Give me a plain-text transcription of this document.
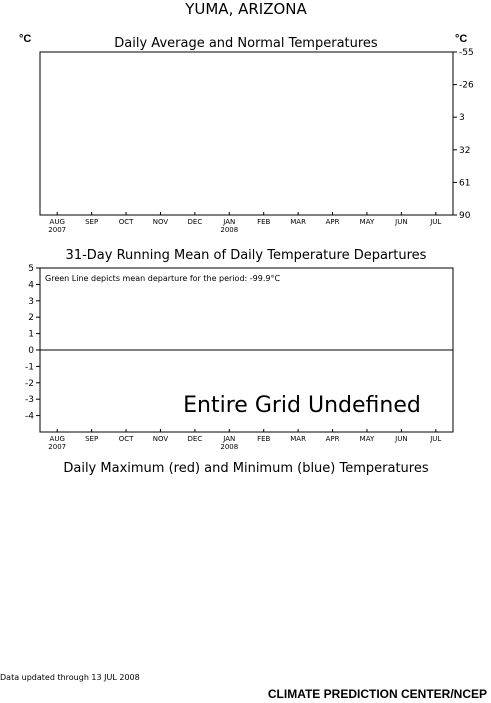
YUMA, ARIZONA
Daily Average and Normal Temperatures
°C	°C
-55
-26
3
32
61
90
AUG
2007
SEP	OCT	NOV	DEC	JAN
2008
FEB	MAR	APR	MAY	JUN	JUL
31-Day Running Mean of Daily Temperature Departures
Green Line depicts mean departure for the period: -99.9°C
Entire Grid Undefined
5
4
3
2
1
0
-1
-2
-3
-4
AUG
2007
SEP	OCT	NOV	DEC	JAN
2008
FEB	MAR	APR	MAY	JUN	JUL
Daily Maximum (red) and Minimum (blue) Temperatures
Data updated through 13 JUL 2008
CLIMATE PREDICTION CENTER/NCEP
